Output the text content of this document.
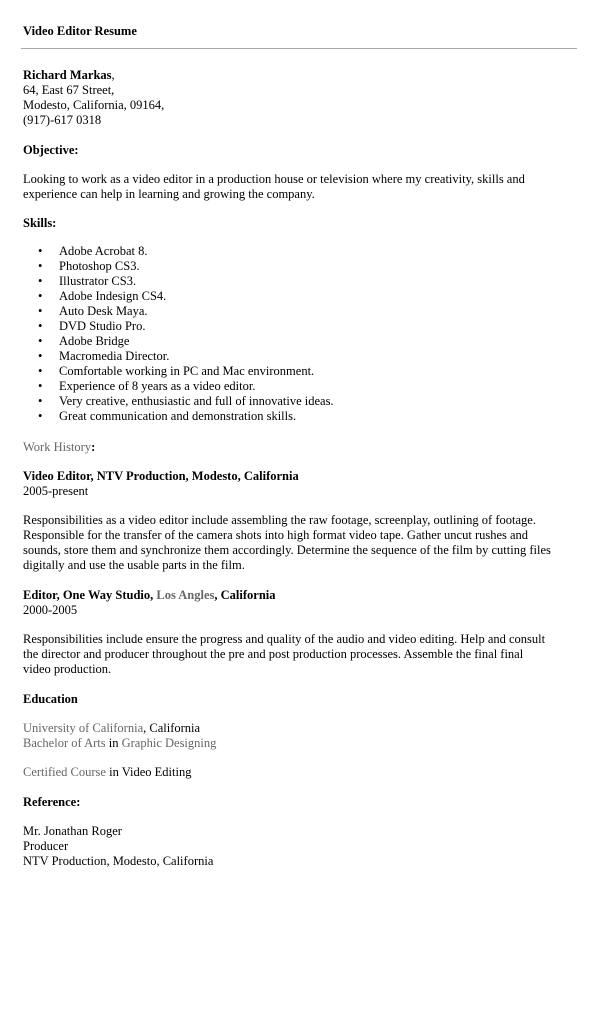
Video Editor Resume
Richard Markas,
64, East 67 Street,
Modesto, California, 09164,
(917)-617 0318
Objective:
Looking to work as a video editor in a production house or television where my creativity, skills and
experience can help in learning and growing the company.
Skills:
• Adobe Acrobat 8.
• Photoshop CS3.
• Illustrator CS3.
• Adobe Indesign CS4.
• Auto Desk Maya.
• DVD Studio Pro.
• Adobe Bridge
• Macromedia Director.
• Comfortable working in PC and Mac environment.
• Experience of 8 years as a video editor.
• Very creative, enthusiastic and full of innovative ideas.
• Great communication and demonstration skills.
Work History:
Video Editor, NTV Production, Modesto, California
2005-present
Responsibilities as a video editor include assembling the raw footage, screenplay, outlining of footage.
Responsible for the transfer of the camera shots into high format video tape. Gather uncut rushes and
sounds, store them and synchronize them accordingly. Determine the sequence of the film by cutting files
digitally and use the usable parts in the film.
Editor, One Way Studio, Los Angles, California
2000-2005
Responsibilities include ensure the progress and quality of the audio and video editing. Help and consult
the director and producer throughout the pre and post production processes. Assemble the final final
video production.
Education
University of California, California
Bachelor of Arts in Graphic Designing
Certified Course in Video Editing
Reference:
Mr. Jonathan Roger
Producer
NTV Production, Modesto, California
